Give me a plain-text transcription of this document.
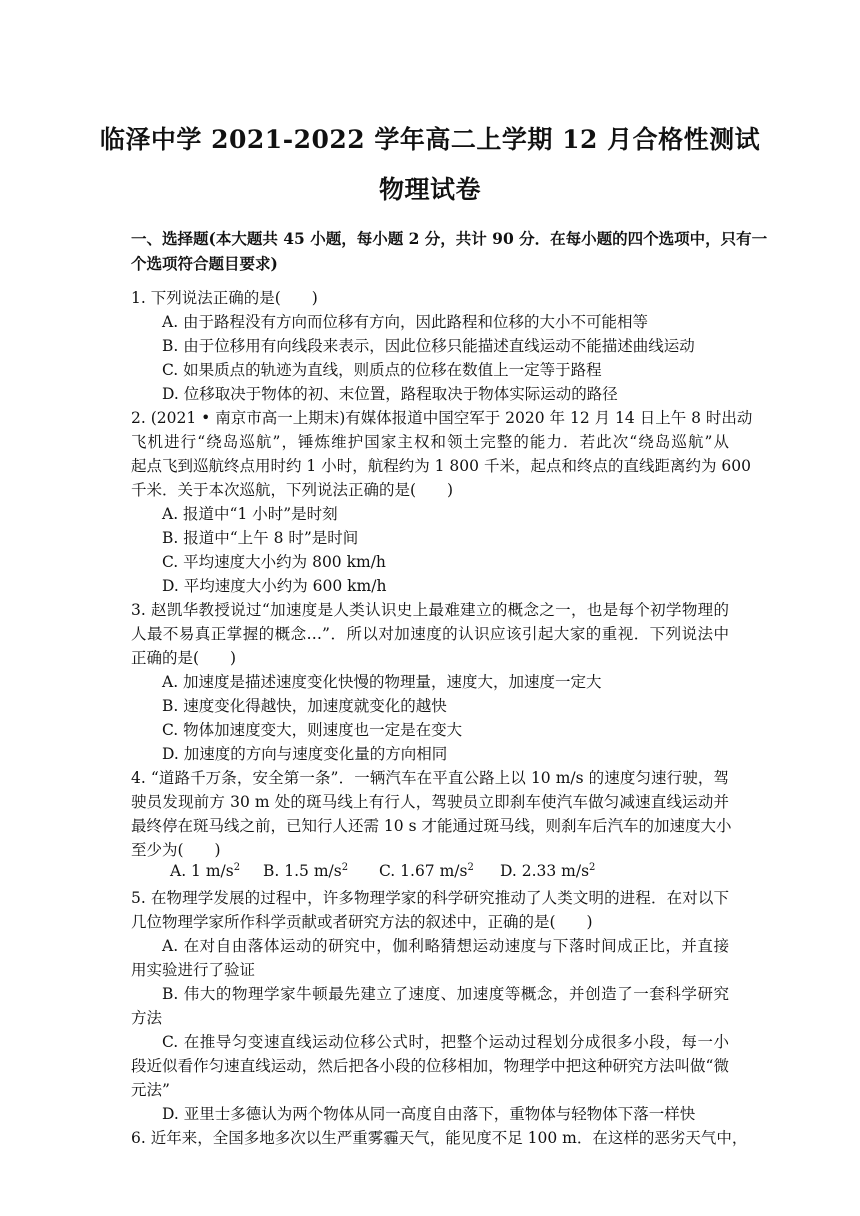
临泽中学 2021-2022 学年高二上学期 12 月合格性测试
物理试卷
一、选择题(本大题共 45 小题，每小题 2 分，共计 90 分．在每小题的四个选项中，只有一
个选项符合题目要求)
1. 下列说法正确的是(　　)
A. 由于路程没有方向而位移有方向，因此路程和位移的大小不可能相等
B. 由于位移用有向线段来表示，因此位移只能描述直线运动不能描述曲线运动
C. 如果质点的轨迹为直线，则质点的位移在数值上一定等于路程
D. 位移取决于物体的初、末位置，路程取决于物体实际运动的路径
2. (2021 • 南京市高一上期末)有媒体报道中国空军于 2020 年 12 月 14 日上午 8 时出动
飞机进行“绕岛巡航”，锤炼维护国家主权和领土完整的能力．若此次“绕岛巡航”从
起点飞到巡航终点用时约 1 小时，航程约为 1 800 千米，起点和终点的直线距离约为 600
千米．关于本次巡航，下列说法正确的是(　　)
A. 报道中“1 小时”是时刻
B. 报道中“上午 8 时”是时间
C. 平均速度大小约为 800 km/h
D. 平均速度大小约为 600 km/h
3. 赵凯华教授说过“加速度是人类认识史上最难建立的概念之一，也是每个初学物理的
人最不易真正掌握的概念…”．所以对加速度的认识应该引起大家的重视．下列说法中
正确的是(　　)
A. 加速度是描述速度变化快慢的物理量，速度大，加速度一定大
B. 速度变化得越快，加速度就变化的越快
C. 物体加速度变大，则速度也一定是在变大
D. 加速度的方向与速度变化量的方向相同
4. “道路千万条，安全第一条”．一辆汽车在平直公路上以 10 m/s 的速度匀速行驶，驾
驶员发现前方 30 m 处的斑马线上有行人，驾驶员立即刹车使汽车做匀减速直线运动并
最终停在斑马线之前，已知行人还需 10 s 才能通过斑马线，则刹车后汽车的加速度大小
至少为(　　)
A. 1 $m/s^2$ B. 1.5 $m/s^2$ C. 1.67 $m/s^2$ D. 2.33 $m/s^2$
5. 在物理学发展的过程中，许多物理学家的科学研究推动了人类文明的进程．在对以下
几位物理学家所作科学贡献或者研究方法的叙述中，正确的是(　　)
A. 在对自由落体运动的研究中，伽利略猜想运动速度与下落时间成正比，并直接
用实验进行了验证
B. 伟大的物理学家牛顿最先建立了速度、加速度等概念，并创造了一套科学研究
方法
C. 在推导匀变速直线运动位移公式时，把整个运动过程划分成很多小段，每一小
段近似看作匀速直线运动，然后把各小段的位移相加，物理学中把这种研究方法叫做“微
元法”
D. 亚里士多德认为两个物体从同一高度自由落下，重物体与轻物体下落一样快
6. 近年来，全国多地多次以生严重雾霾天气，能见度不足 100 m．在这样的恶劣天气中，
